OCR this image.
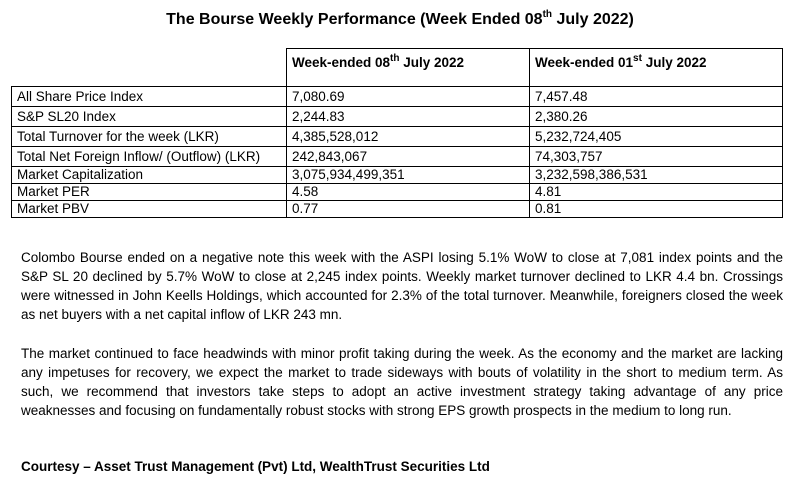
The Bourse Weekly Performance (Week Ended 08th July 2022)
	Week-ended 08th July 2022	Week-ended 01st July 2022
All Share Price Index	7,080.69	7,457.48
S&P SL20 Index	2,244.83	2,380.26
Total Turnover for the week (LKR)	4,385,528,012	5,232,724,405
Total Net Foreign Inflow/ (Outflow) (LKR)	242,843,067	74,303,757
Market Capitalization	3,075,934,499,351	3,232,598,386,531
Market PER	4.58	4.81
Market PBV	0.77	0.81

Colombo Bourse ended on a negative note this week with the ASPI losing 5.1% WoW to close at 7,081 index points and the S&P SL 20 declined by 5.7% WoW to close at 2,245 index points. Weekly market turnover declined to LKR 4.4 bn. Crossings were witnessed in John Keells Holdings, which accounted for 2.3% of the total turnover. Meanwhile, foreigners closed the week as net buyers with a net capital inflow of LKR 243 mn.

The market continued to face headwinds with minor profit taking during the week. As the economy and the market are lacking any impetuses for recovery, we expect the market to trade sideways with bouts of volatility in the short to medium term. As such, we recommend that investors take steps to adopt an active investment strategy taking advantage of any price weaknesses and focusing on fundamentally robust stocks with strong EPS growth prospects in the medium to long run.

Courtesy – Asset Trust Management (Pvt) Ltd, WealthTrust Securities Ltd
